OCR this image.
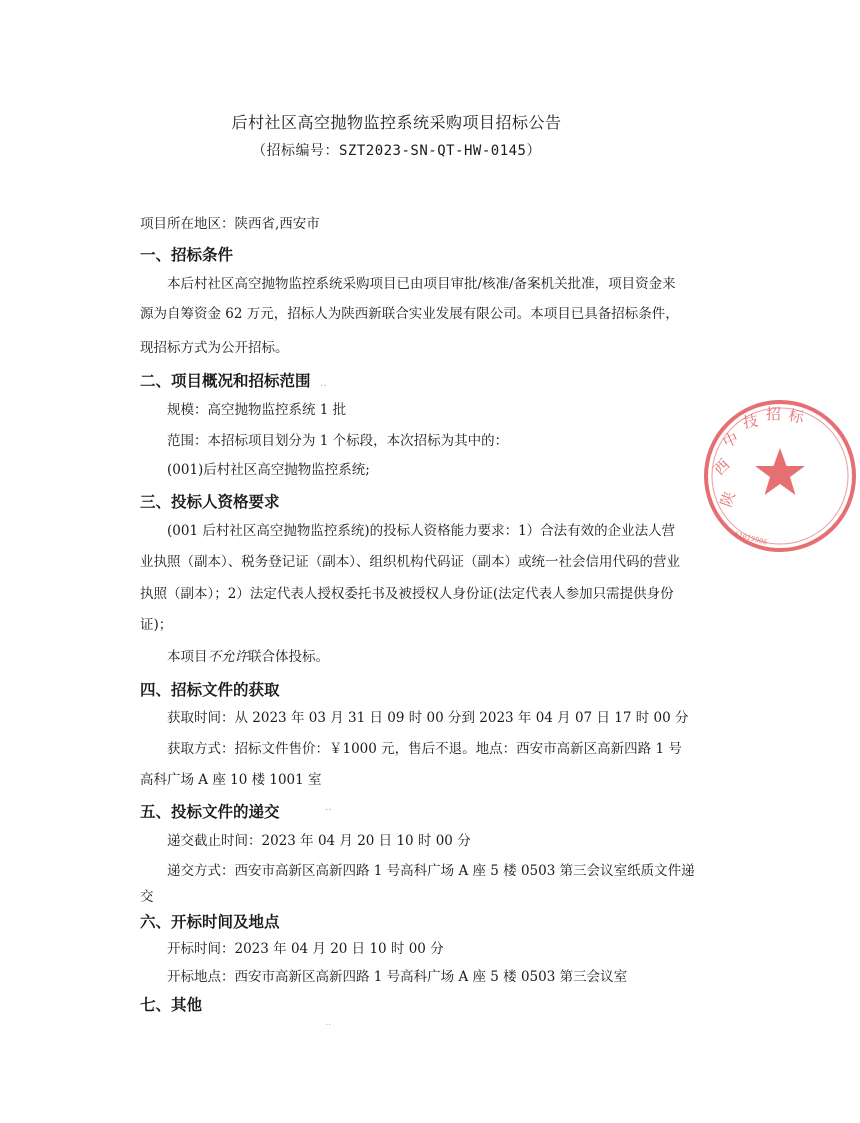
后村社区高空抛物监控系统采购项目招标公告
（招标编号：SZT2023-SN-QT-HW-0145）
项目所在地区：陕西省,西安市
一、招标条件
本后村社区高空抛物监控系统采购项目已由项目审批/核准/备案机关批准，项目资金来
源为自筹资金 62 万元，招标人为陕西新联合实业发展有限公司。本项目已具备招标条件，
现招标方式为公开招标。
二、项目概况和招标范围
规模：高空抛物监控系统 1 批
范围：本招标项目划分为 1 个标段，本次招标为其中的：
(001)后村社区高空抛物监控系统;
三、投标人资格要求
(001 后村社区高空抛物监控系统)的投标人资格能力要求：1）合法有效的企业法人营
业执照（副本）、税务登记证（副本）、组织机构代码证（副本）或统一社会信用代码的营业
执照（副本）；2）法定代表人授权委托书及被授权人身份证(法定代表人参加只需提供身份
证)；
本项目不允许联合体投标。
四、招标文件的获取
获取时间：从 2023 年 03 月 31 日 09 时 00 分到 2023 年 04 月 07 日 17 时 00 分
获取方式：招标文件售价：￥1000 元，售后不退。地点：西安市高新区高新四路 1 号
高科广场 A 座 10 楼 1001 室
五、投标文件的递交
递交截止时间：2023 年 04 月 20 日 10 时 00 分
递交方式：西安市高新区高新四路 1 号高科广场 A 座 5 楼 0503 第三会议室纸质文件递
交
六、开标时间及地点
开标时间：2023 年 04 月 20 日 10 时 00 分
开标地点：西安市高新区高新四路 1 号高科广场 A 座 5 楼 0503 第三会议室
七、其他
‥
··
··
陕
西
中
技 招 标
61019906
